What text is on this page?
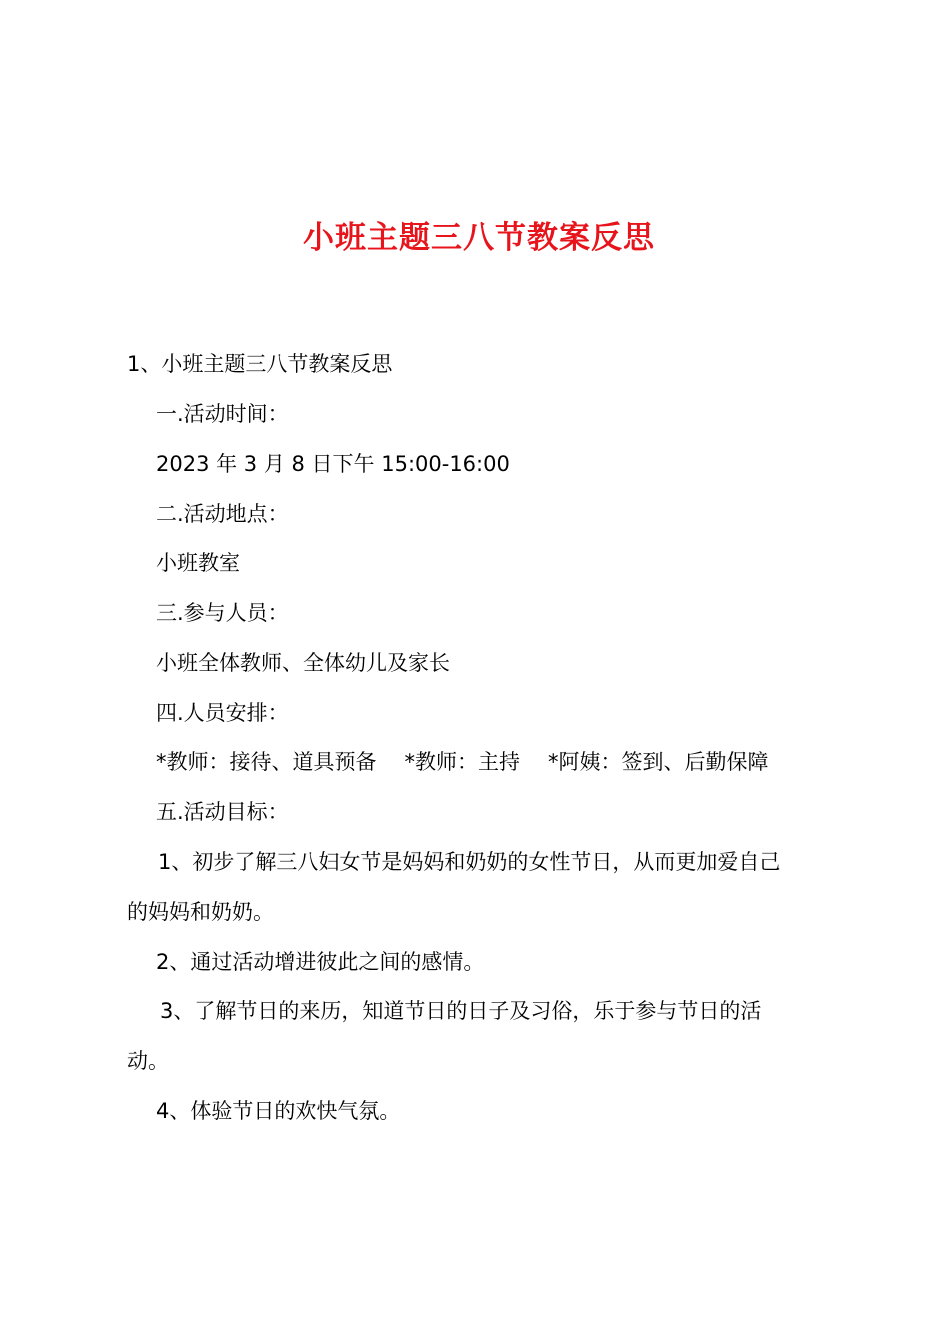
小班主题三八节教案反思
1、小班主题三八节教案反思
一.活动时间：
2023 年 3 月 8 日下午 15:00-16:00
二.活动地点：
小班教室
三.参与人员：
小班全体教师、全体幼儿及家长
四.人员安排：
*教师：接待、道具预备 *教师：主持 *阿姨：签到、后勤保障
五.活动目标：
1、初步了解三八妇女节是妈妈和奶奶的女性节日，从而更加爱自己
的妈妈和奶奶。
2、通过活动增进彼此之间的感情。
3、了解节日的来历，知道节日的日子及习俗，乐于参与节日的活
动。
4、体验节日的欢快气氛。
